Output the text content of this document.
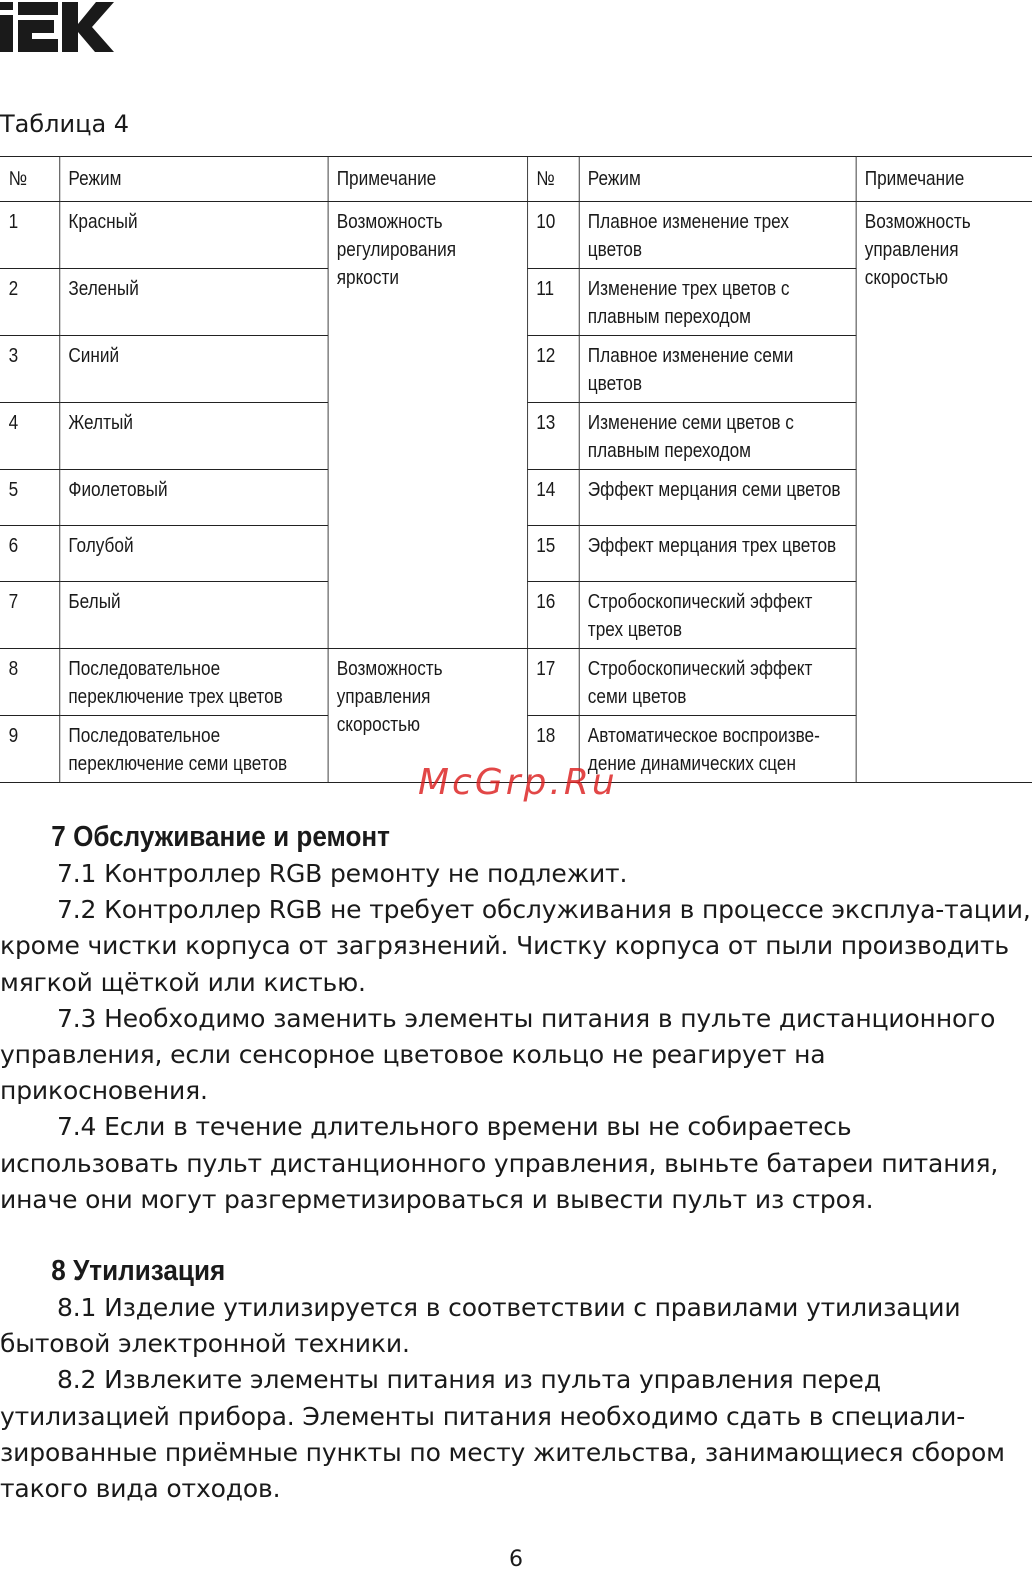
Таблица 4
№	Режим	Примечание	№	Режим	Примечание
1	Красный	Возможность регулирования яркости	10	Плавное изменение трех цветов	Возможность управления скоростью
2	Зеленый		11	Изменение трех цветов с плавным переходом	
3	Синий		12	Плавное изменение семи цветов	
4	Желтый		13	Изменение семи цветов с плавным переходом	
5	Фиолетовый		14	Эффект мерцания семи цветов	
6	Голубой		15	Эффект мерцания трех цветов	
7	Белый		16	Стробоскопический эффект трех цветов	
8	Последовательное переключение трех цветов	Возможность управления скоростью	17	Стробоскопический эффект семи цветов	
9	Последовательное переключение семи цветов		18	Автоматическое воспроизве-дение динамических сцен	
McGrp.Ru
7 Обслуживание и ремонт

7.1 Контроллер RGB ремонту не подлежит.

7.2 Контроллер RGB не требует обслуживания в процессе эксплуа-тации, кроме чистки корпуса от загрязнений. Чистку корпуса от пыли производить мягкой щёткой или кистью.

7.3 Необходимо заменить элементы питания в пульте дистанционного управления, если сенсорное цветовое кольцо не реагирует на прикосновения.

7.4 Если в течение длительного времени вы не собираетесь использовать пульт дистанционного управления, выньте батареи питания, иначе они могут разгерметизироваться и вывести пульт из строя.

8 Утилизация

8.1 Изделие утилизируется в соответствии с правилами утилизации бытовой электронной техники.

8.2 Извлеките элементы питания из пульта управления перед утилизацией прибора. Элементы питания необходимо сдать в специали-зированные приёмные пункты по месту жительства, занимающиеся сбором такого вида отходов.

6
